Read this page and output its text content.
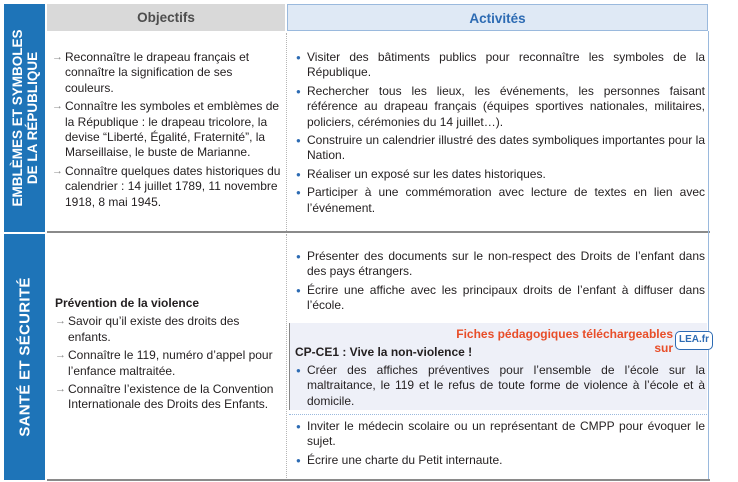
Objectifs	Activités
EMBLÈMES ET SYMBOLES
DE LA RÉPUBLIQUE
SANTÉ ET SÉCURITÉ
→ Reconnaître le drapeau français et connaître la signification de ses couleurs.
→ Connaître les symboles et emblèmes de la République : le drapeau tricolore, la devise “Liberté, Égalité, Fraternité”, la Marseillaise, le buste de Marianne.
→ Connaître quelques dates historiques du calendrier : 14 juillet 1789, 11 novembre 1918, 8 mai 1945.
● Visiter des bâtiments publics pour reconnaître les symboles de la République.
● Rechercher tous les lieux, les événements, les personnes faisant référence au drapeau français (équipes sportives nationales, militaires, policiers, cérémonies du 14 juillet…).
● Construire un calendrier illustré des dates symboliques importantes pour la Nation.
● Réaliser un exposé sur les dates historiques.
● Participer à une commémoration avec lecture de textes en lien avec l’événement.
Prévention de la violence
→ Savoir qu’il existe des droits des enfants.
→ Connaître le 119, numéro d’appel pour l’enfance maltraitée.
→ Connaître l’existence de la Convention Internationale des Droits des Enfants.
● Présenter des documents sur le non-respect des Droits de l’enfant dans des pays étrangers.
● Écrire une affiche avec les principaux droits de l’enfant à diffuser dans l’école.
Fiches pédagogiques téléchargeables sur
LEA.fr
CP-CE1 : Vive la non-violence !
● Créer des affiches préventives pour l’ensemble de l’école sur la maltraitance, le 119 et le refus de toute forme de violence à l’école et à domicile.
● Inviter le médecin scolaire ou un représentant de CMPP pour évoquer le sujet.
● Écrire une charte du Petit internaute.
